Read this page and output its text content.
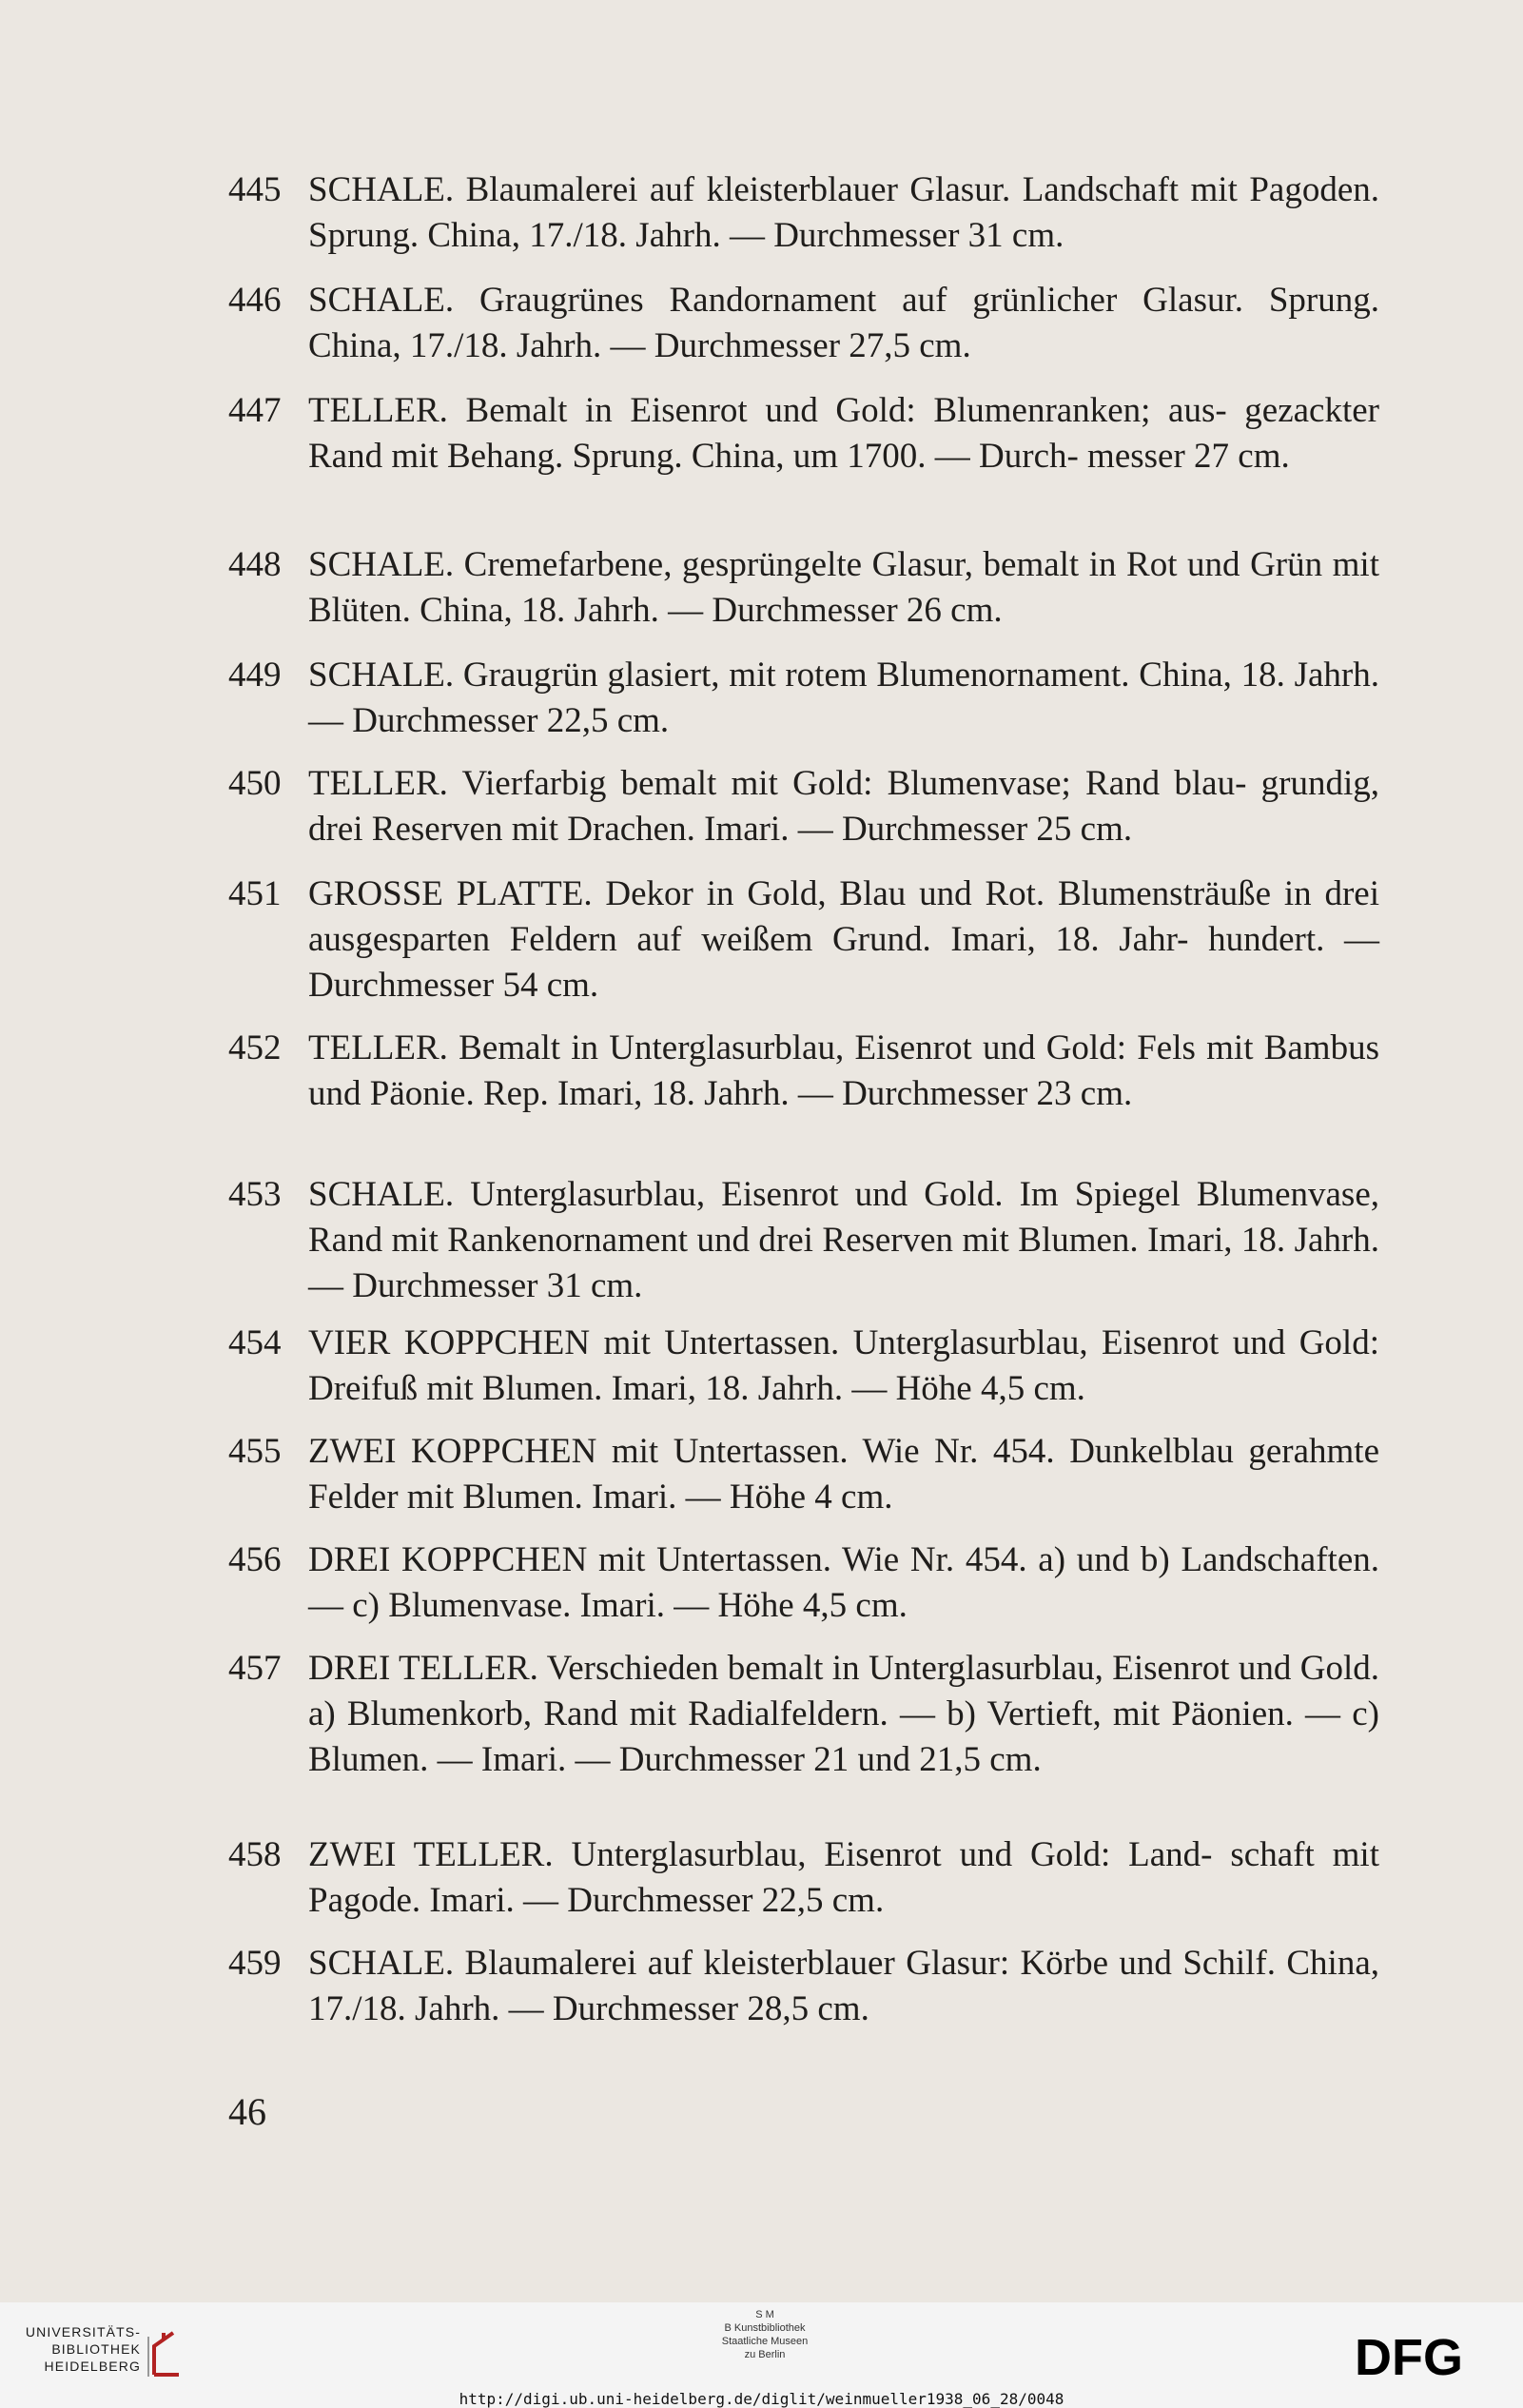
445 SCHALE. Blaumalerei auf kleisterblauer Glasur. Landschaft mit Pagoden. Sprung. China, 17./18. Jahrh. — Durchmesser 31 cm.
446 SCHALE. Graugrünes Randornament auf grünlicher Glasur. Sprung. China, 17./18. Jahrh. — Durchmesser 27,5 cm.
447 TELLER. Bemalt in Eisenrot und Gold: Blumenranken; aus- gezackter Rand mit Behang. Sprung. China, um 1700. — Durch- messer 27 cm.
448 SCHALE. Cremefarbene, gesprüngelte Glasur, bemalt in Rot und Grün mit Blüten. China, 18. Jahrh. — Durchmesser 26 cm.
449 SCHALE. Graugrün glasiert, mit rotem Blumenornament. China, 18. Jahrh. — Durchmesser 22,5 cm.
450 TELLER. Vierfarbig bemalt mit Gold: Blumenvase; Rand blau- grundig, drei Reserven mit Drachen. Imari. — Durchmesser 25 cm.
451 GROSSE PLATTE. Dekor in Gold, Blau und Rot. Blumensträuße in drei ausgesparten Feldern auf weißem Grund. Imari, 18. Jahr- hundert. — Durchmesser 54 cm.
452 TELLER. Bemalt in Unterglasurblau, Eisenrot und Gold: Fels mit Bambus und Päonie. Rep. Imari, 18. Jahrh. — Durchmesser 23 cm.
453 SCHALE. Unterglasurblau, Eisenrot und Gold. Im Spiegel Blumenvase, Rand mit Rankenornament und drei Reserven mit Blumen. Imari, 18. Jahrh. — Durchmesser 31 cm.
454 VIER KOPPCHEN mit Untertassen. Unterglasurblau, Eisenrot und Gold: Dreifuß mit Blumen. Imari, 18. Jahrh. — Höhe 4,5 cm.
455 ZWEI KOPPCHEN mit Untertassen. Wie Nr. 454. Dunkelblau gerahmte Felder mit Blumen. Imari. — Höhe 4 cm.
456 DREI KOPPCHEN mit Untertassen. Wie Nr. 454. a) und b) Landschaften. — c) Blumenvase. Imari. — Höhe 4,5 cm.
457 DREI TELLER. Verschieden bemalt in Unterglasurblau, Eisenrot und Gold. a) Blumenkorb, Rand mit Radialfeldern. — b) Vertieft, mit Päonien. — c) Blumen. — Imari. — Durchmesser 21 und 21,5 cm.
458 ZWEI TELLER. Unterglasurblau, Eisenrot und Gold: Land- schaft mit Pagode. Imari. — Durchmesser 22,5 cm.
459 SCHALE. Blaumalerei auf kleisterblauer Glasur: Körbe und Schilf. China, 17./18. Jahrh. — Durchmesser 28,5 cm.
46
UNIVERSITÄTS-
BIBLIOTHEK
HEIDELBERG
S M
B Kunstbibliothek
Staatliche Museen
zu Berlin	DFG
http://digi.ub.uni-heidelberg.de/diglit/weinmueller1938_06_28/0048
